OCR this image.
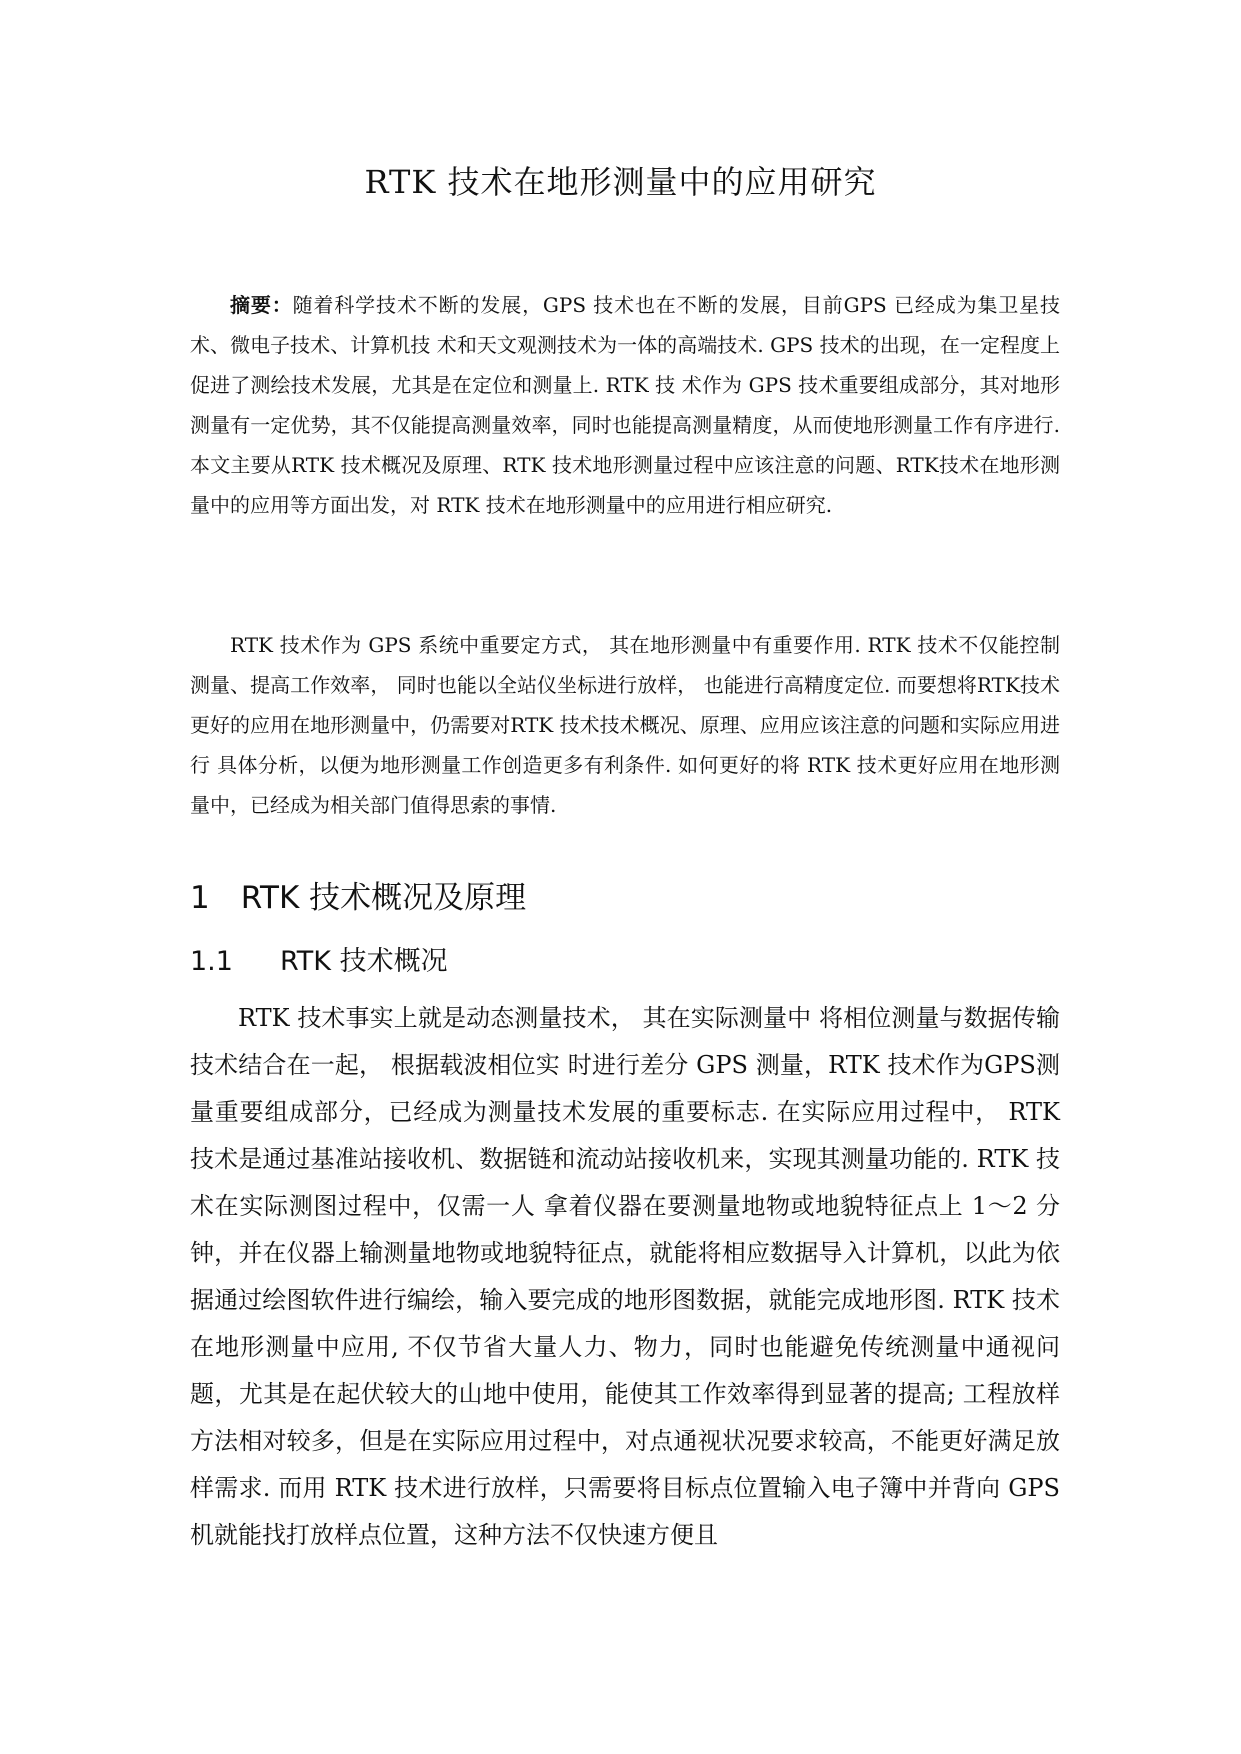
RTK 技术在地形测量中的应用研究

摘要：随着科学技术不断的发展，GPS 技术也在不断的发展，目前GPS 已经成为集卫星技术、微电子技术、计算机技 术和天文观测技术为一体的高端技术. GPS 技术的出现，在一定程度上促进了测绘技术发展，尤其是在定位和测量上. RTK 技 术作为 GPS 技术重要组成部分，其对地形测量有一定优势，其不仅能提高测量效率，同时也能提高测量精度，从而使地形测量工作有序进行. 本文主要从RTK 技术概况及原理、RTK 技术地形测量过程中应该注意的问题、RTK技术在地形测量中的应用等方面出发，对 RTK 技术在地形测量中的应用进行相应研究.

RTK 技术作为 GPS 系统中重要定方式， 其在地形测量中有重要作用. RTK 技术不仅能控制测量、提高工作效率， 同时也能以全站仪坐标进行放样， 也能进行高精度定位. 而要想将RTK技术更好的应用在地形测量中，仍需要对RTK 技术技术概况、原理、应用应该注意的问题和实际应用进行 具体分析，以便为地形测量工作创造更多有利条件. 如何更好的将 RTK 技术更好应用在地形测量中，已经成为相关部门值得思索的事情.

1　RTK 技术概况及原理
1.1 RTK 技术概况

RTK 技术事实上就是动态测量技术， 其在实际测量中 将相位测量与数据传输技术结合在一起， 根据载波相位实 时进行差分 GPS 测量，RTK 技术作为GPS测量重要组成部分，已经成为测量技术发展的重要标志. 在实际应用过程中， RTK 技术是通过基准站接收机、数据链和流动站接收机来，实现其测量功能的. RTK 技术在实际测图过程中，仅需一人 拿着仪器在要测量地物或地貌特征点上 1～2 分钟，并在仪器上输测量地物或地貌特征点，就能将相应数据导入计算机，以此为依据通过绘图软件进行编绘，输入要完成的地形图数据，就能完成地形图. RTK 技术在地形测量中应用, 不仅节省大量人力、物力，同时也能避免传统测量中通视问题，尤其是在起伏较大的山地中使用，能使其工作效率得到显著的提高; 工程放样方法相对较多，但是在实际应用过程中，对点通视状况要求较高，不能更好满足放样需求. 而用 RTK 技术进行放样，只需要将目标点位置输入电子簿中并背向 GPS 机就能找打放样点位置，这种方法不仅快速方便且
